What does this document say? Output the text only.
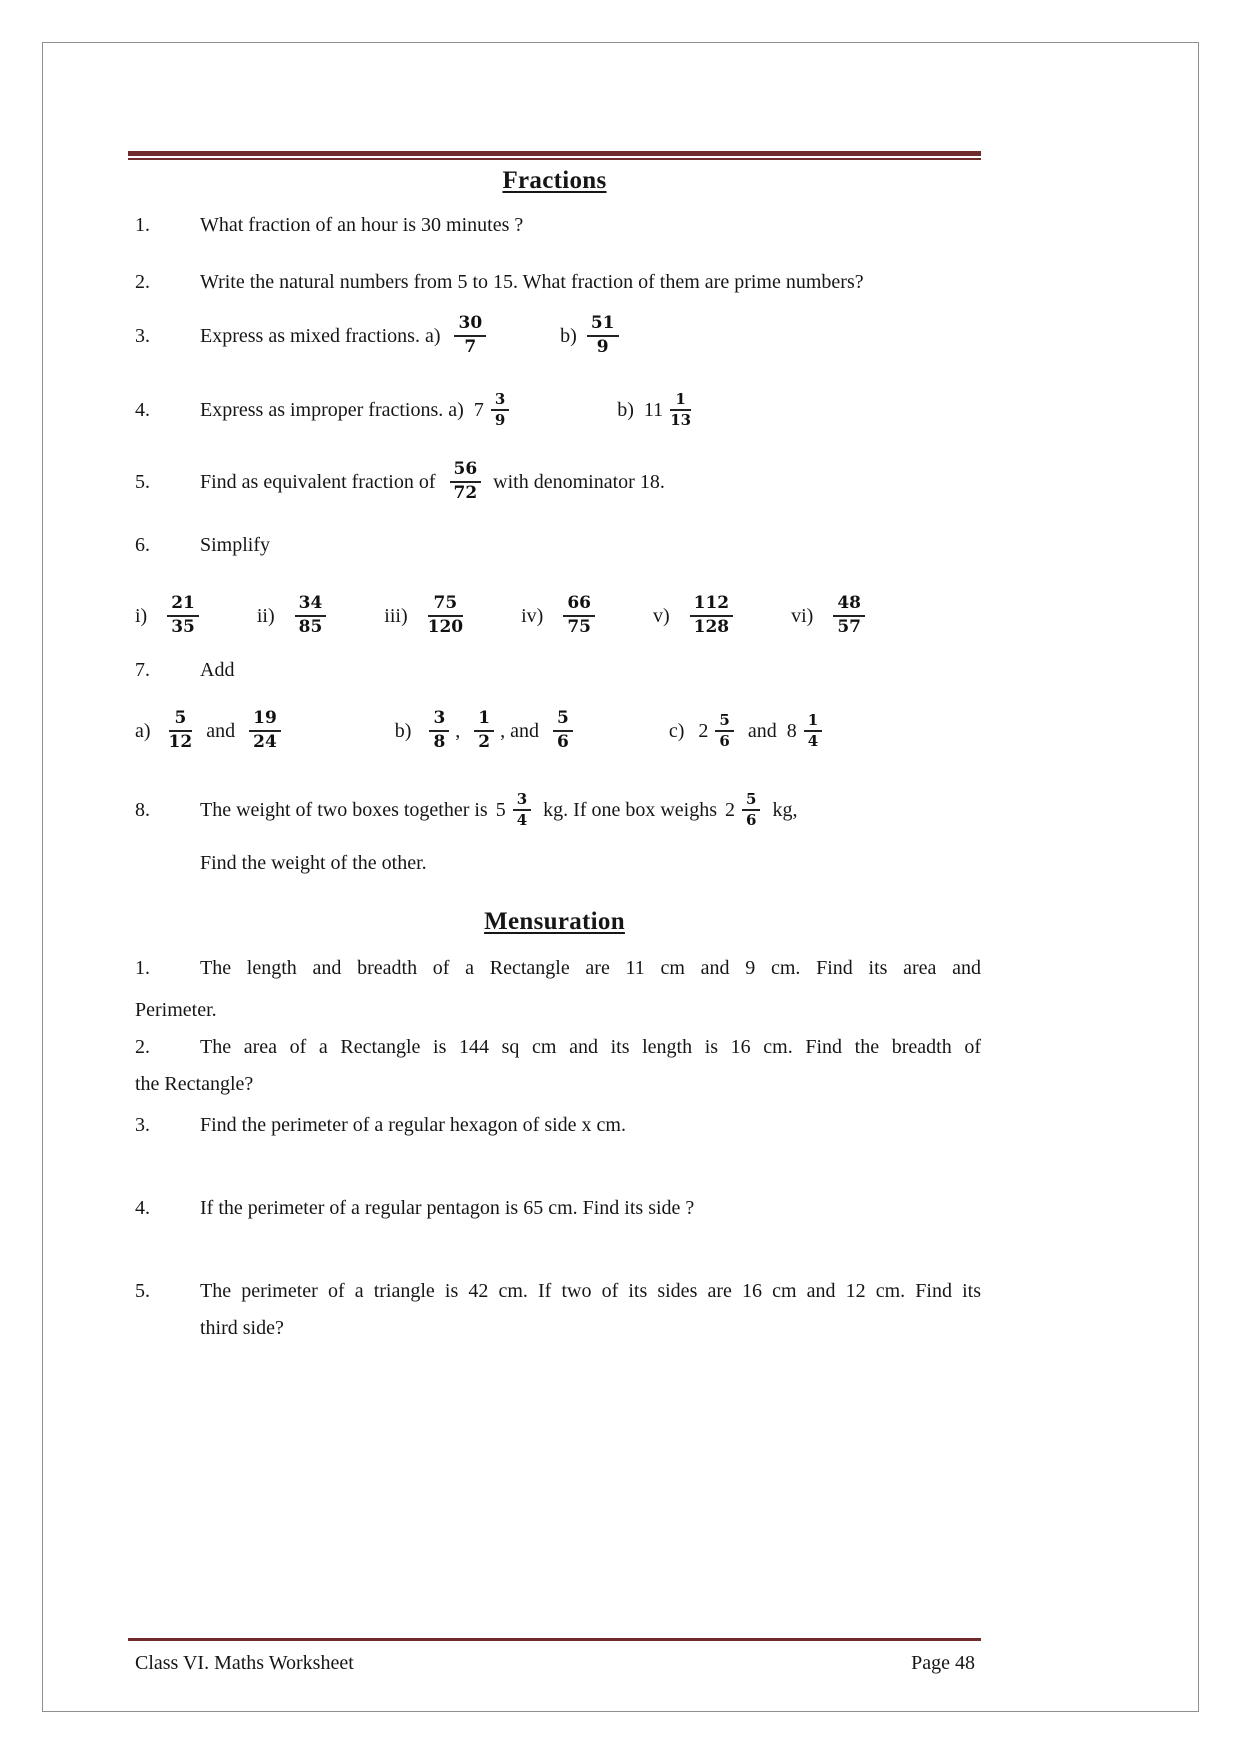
Fractions
1.	What fraction of an hour is 30 minutes ?
2.	Write the natural numbers from 5 to 15. What fraction of them are prime numbers?
3.	Express as mixed fractions. $a) \frac{30}{7}$	$b) \frac{51}{9}$
4.	Express as improper fractions. a) $7 \frac{3}{9}$	b) $11 \frac{1}{13}$
5.	Find as equivalent fraction of $\frac{56}{72}$ with denominator 18.
6.	Simplify
$i) \frac{21}{35}$	$ii) \frac{34}{85}$	$iii) \frac{75}{120}$	$iv) \frac{66}{75}$	$v) \frac{112}{128}$	$vi) \frac{48}{57}$
7.	Add
$a) \frac{5}{12}$ and $\frac{19}{24}$	$b) \frac{3}{8}$ , $\frac{1}{2}$ , and $\frac{5}{6}$	c) $2 \frac{5}{6}$ and $8 \frac{1}{4}$
8.	The weight of two boxes together is $5 \frac{3}{4}$ kg. If one box weighs $2 \frac{5}{6}$ kg,
Find the weight of the other.
Mensuration
1.	The length and breadth of a Rectangle are 11 cm and 9 cm. Find its area and
Perimeter.
2.	The area of a Rectangle is 144 sq cm and its length is 16 cm. Find the breadth of
the Rectangle?
3.	Find the perimeter of a regular hexagon of side x cm.
4.	If the perimeter of a regular pentagon is 65 cm. Find its side ?
5.	The perimeter of a triangle is 42 cm. If two of its sides are 16 cm and 12 cm. Find its
third side?
Class VI. Maths Worksheet	Page 48
